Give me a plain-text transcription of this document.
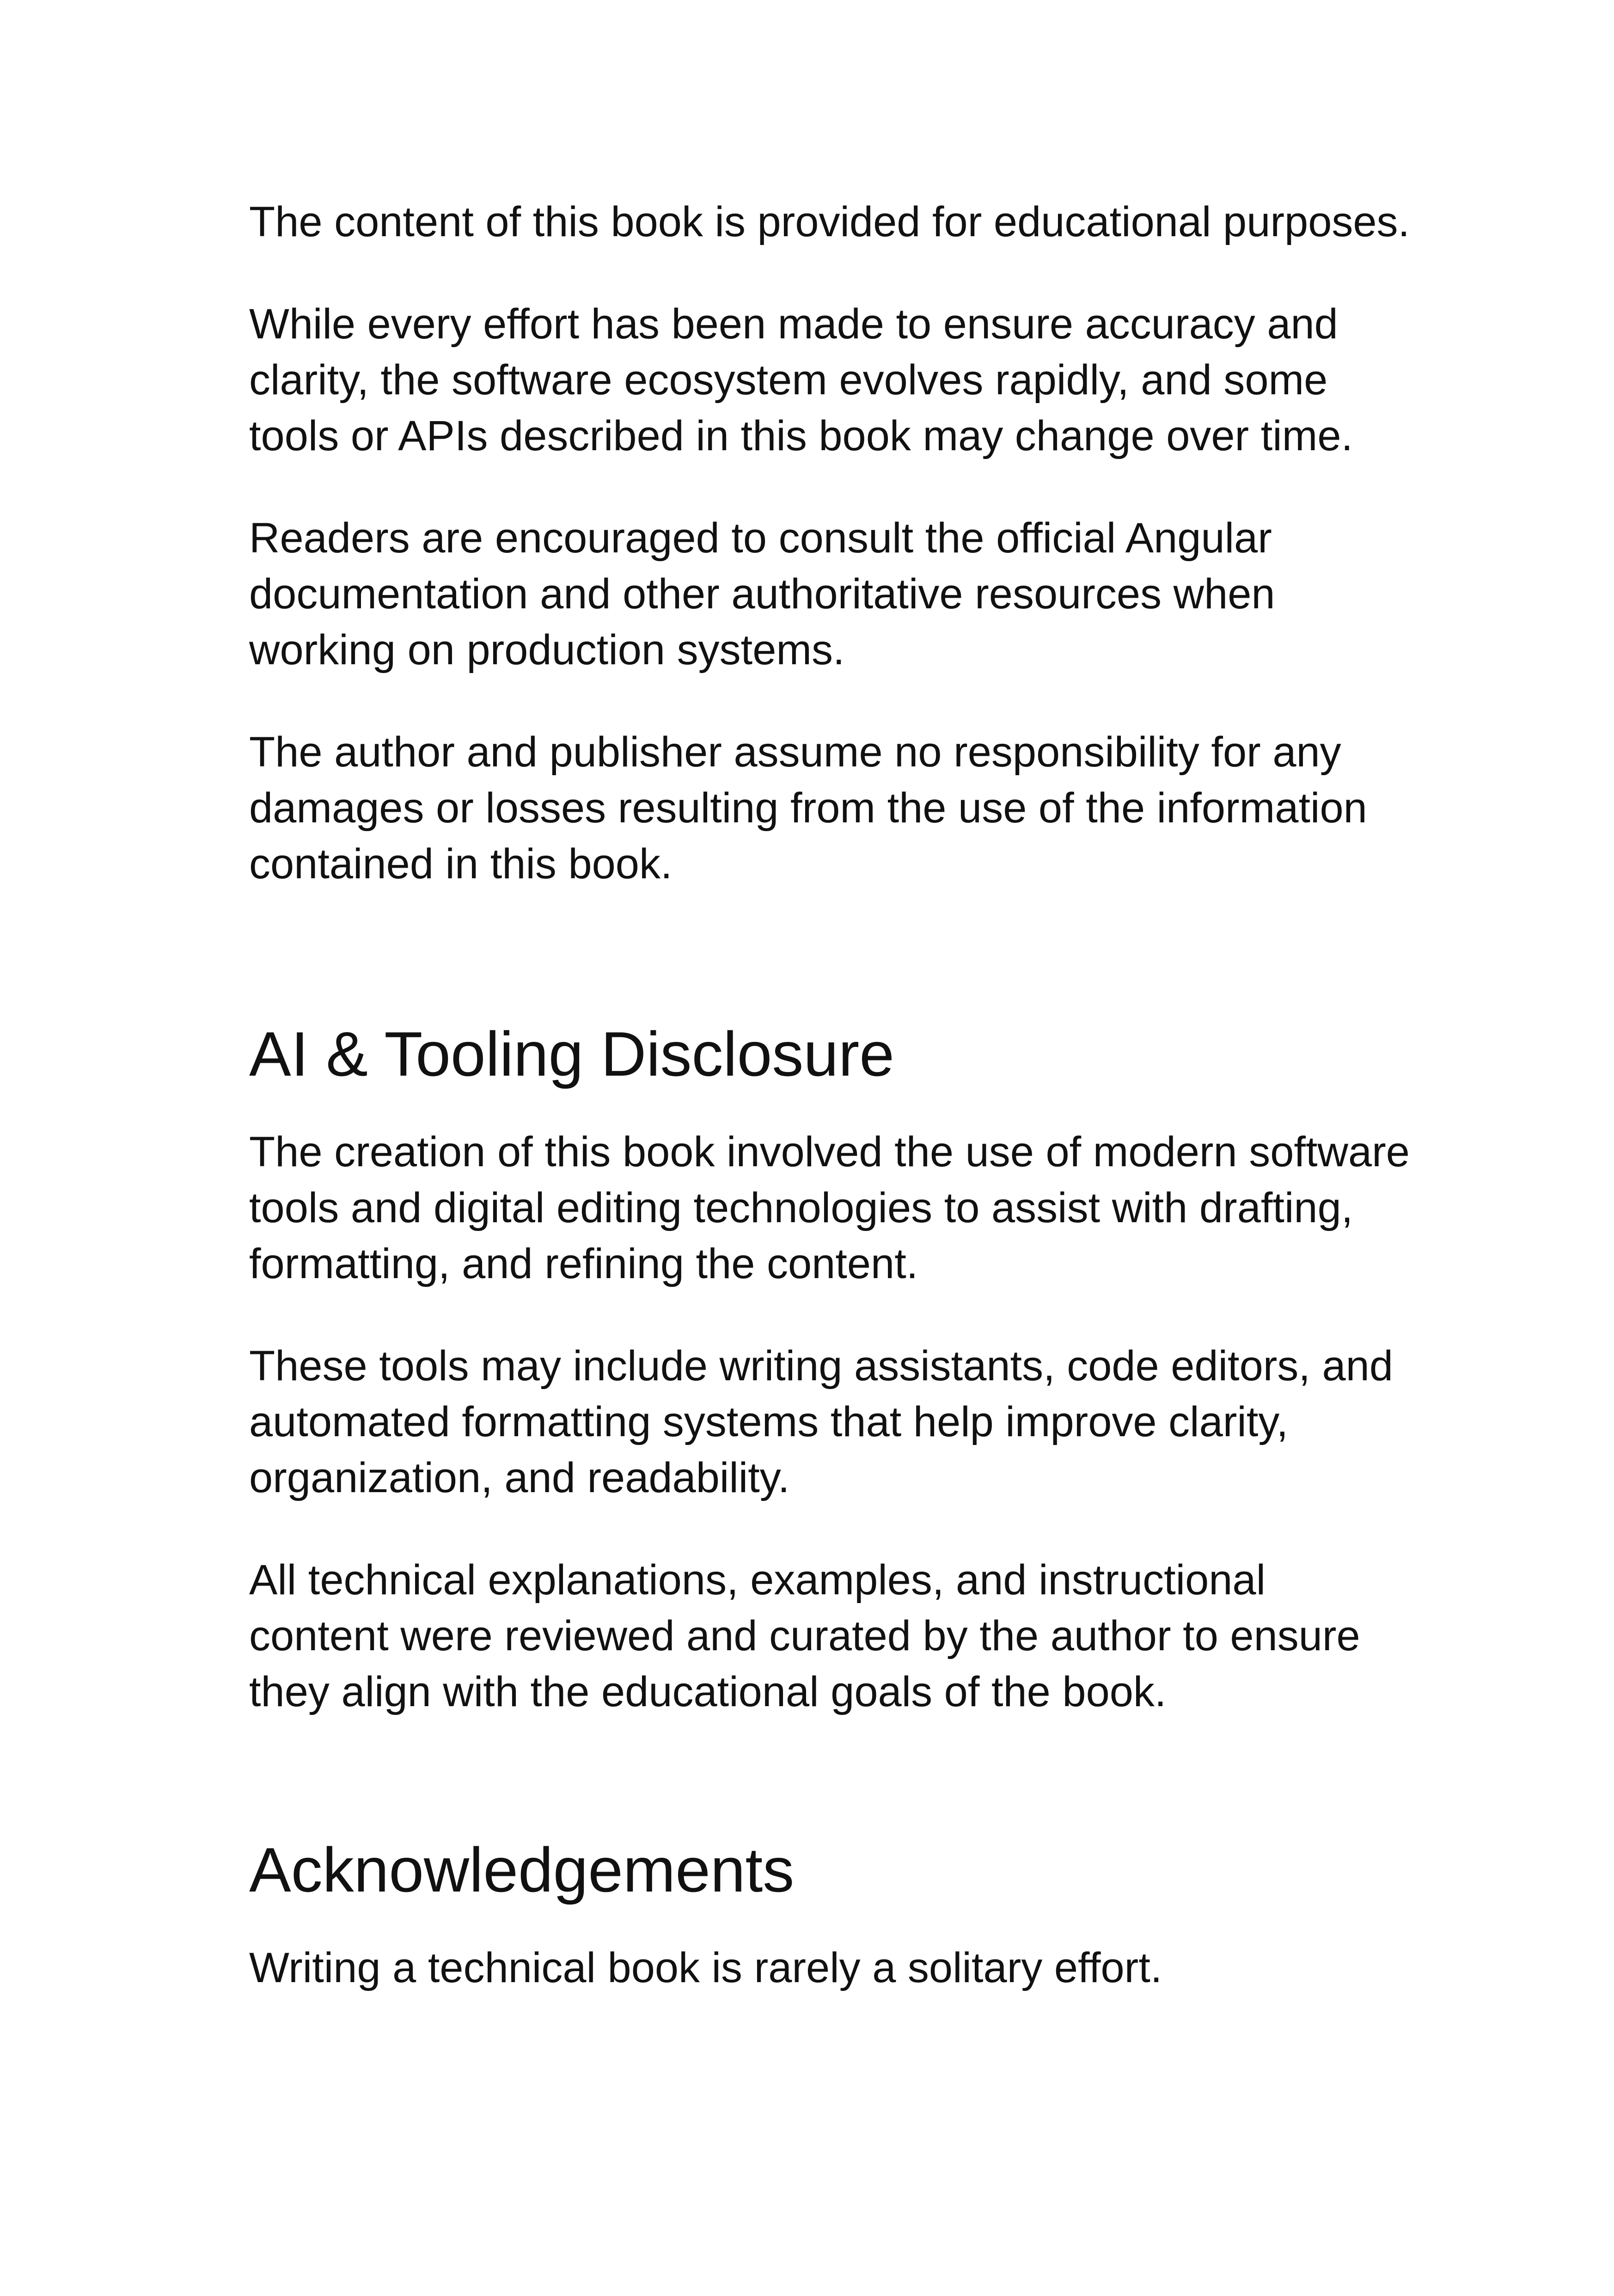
The content of this book is provided for educational purposes.

While every effort has been made to ensure accuracy and
clarity, the software ecosystem evolves rapidly, and some
tools or APIs described in this book may change over time.

Readers are encouraged to consult the official Angular
documentation and other authoritative resources when
working on production systems.

The author and publisher assume no responsibility for any
damages or losses resulting from the use of the information
contained in this book.

AI & Tooling Disclosure

The creation of this book involved the use of modern software
tools and digital editing technologies to assist with drafting,
formatting, and refining the content.

These tools may include writing assistants, code editors, and
automated formatting systems that help improve clarity,
organization, and readability.

All technical explanations, examples, and instructional
content were reviewed and curated by the author to ensure
they align with the educational goals of the book.

Acknowledgements

Writing a technical book is rarely a solitary effort.
